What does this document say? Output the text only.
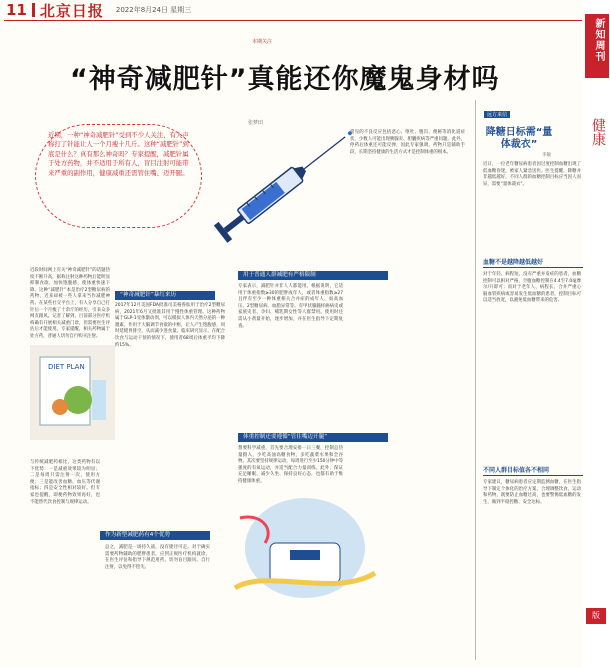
11 北京日报 2022年8月24日 星期三
本期关注
“神奇减肥针”真能还你魔鬼身材吗
张梦田
近期，一种“神奇减肥针”受到不少人关注，有人声称打了针能让人一个月瘦十几斤。这种“减肥针”到底是什么？真有那么神奇吗？专家提醒，减肥针属于处方药物，并不适用于所有人，盲目注射可能带来严重的副作用，健康减重还需管住嘴、迈开腿。
用于普通人群减肥有严格限制
“神奇减肥针”暴红来历
近段时间网上有关“神奇减肥针”的话题热度不断升高，据称注射这种药物后能明显抑制食欲、加快饱腹感，使体重快速下降。这种“减肥针”本是治疗2型糖尿病的药物，近来却被一些人拿来当作减肥神药。在某些社交平台上，有人分享自己打针后一个月瘦了十余斤的经历，引来众多网友跟风。记者了解到，目前部分医疗机构确有开展相关减重门诊，但需要医生评估后才能使用。专家提醒，相关药物属于处方药，普通人切勿自行购买注射。
2017年12月美国FDA批准司美格鲁肽用于治疗2型糖尿病，2021年6月又批准其用于慢性体重管理。这种药物属于GLP-1受体激动剂，可以模拟人体内天然分泌的一种激素，作用于大脑调节食欲的中枢，让人产生饱腹感，同时延缓胃排空，从而减少进食量。临床研究显示，在配合饮食与运动干预的情况下，使用者68周后体重平均下降约15%。
专家表示，减肥针并非人人都能用。根据说明，它适用于体重指数≥30的肥胖成年人，或者体重指数≥27且伴有至少一种体重相关合并症的成年人，如高血压、2型糖尿病、血脂异常等。有甲状腺髓样癌病史或家族史者、孕妇、哺乳期女性等人群禁用。使用时还需从小剂量开始，逐步增加，并在医生指导下定期复查。
常见的不良反应包括恶心、呕吐、腹泻、便秘等消化道症状，少数人可能出现胰腺炎、胆囊疾病等严重问题。此外，停药后体重还可能反弹，因此专家强调，药物只是辅助手段，长期坚持健康的生活方式才是控制体重的根本。
DIET PLAN
体重控制还要遵循“管住嘴迈开腿”
作为新型减肥药有4个优势
与传统减肥药相比，这类药物有以下优势：一是减重效果较为明显；二是每周只需注射一次，使用方便；三是能改善血糖、血压等代谢指标；四是安全性相对较好。但专家也提醒，即便药物效果再好，也不能替代饮食控制与规律运动。
总之，减肥是一场持久战，没有捷径可走。对于确实需要药物辅助的肥胖患者，应到正规医疗机构就诊，在医生评估和指导下规范用药，切勿盲目跟风、自行注射，以免得不偿失。
想要科学减重，首先要合理安排一日三餐，控制总热量摄入，少吃高油高糖食物，多吃蔬菜水果和全谷物。其次要坚持规律运动，每周进行至少150分钟中等强度的有氧运动，并适当配合力量训练。此外，保证充足睡眠、减少久坐、保持良好心态，也都有助于维持健康体重。
远方来信
降糖日标需“量体裁衣”
李敏
近日，一位老年糖尿病患者因过度控制血糖出现了低血糖昏迷，被家人紧急送医。医生提醒，降糖并非越低越好，不同人群的血糖控制目标应当因人而异，需要“量体裁衣”。
血糖不是越降越低越好
对于年轻、病程短、没有严重并发症的患者，血糖控制可以相对严格，空腹血糖控制在4.4至7.0毫摩尔/升即可；而对于老年人、病程长、合并严重心脑血管疾病或容易发生低血糖的患者，控制目标可以适当放宽，以避免低血糖带来的危害。
不同人群目标值各不相同
专家建议，糖尿病患者应定期监测血糖，在医生指导下制定个体化的治疗方案，合理调整饮食、运动和药物，既要防止血糖过高，也要警惕低血糖的发生，做到平稳控糖、安全达标。
新知周刊
健康
版
